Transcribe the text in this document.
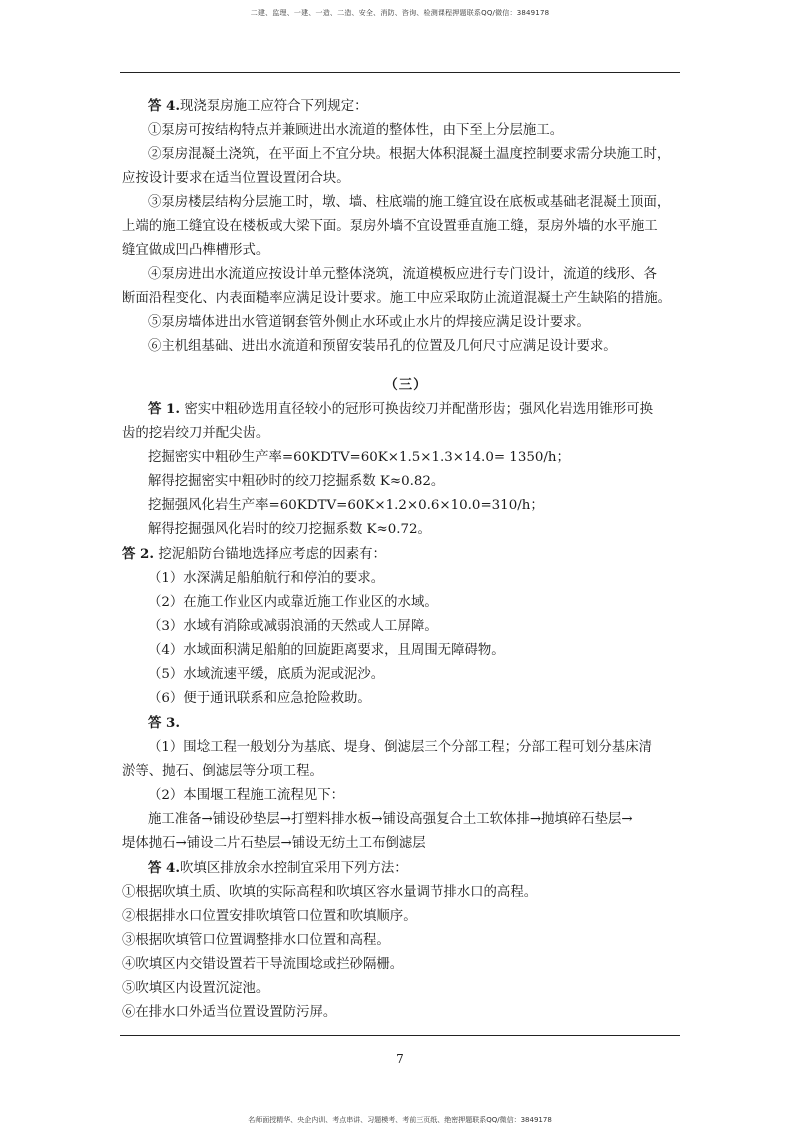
二建、监理、一建、一造、二造、安全、消防、咨询、检测课程押题联系QQ/微信：3849178
答 4.现浇泵房施工应符合下列规定：
①泵房可按结构特点并兼顾进出水流道的整体性，由下至上分层施工。
②泵房混凝土浇筑，在平面上不宜分块。根据大体积混凝土温度控制要求需分块施工时，
应按设计要求在适当位置设置闭合块。
③泵房楼层结构分层施工时，墩、墙、柱底端的施工缝宜设在底板或基础老混凝土顶面，
上端的施工缝宜设在楼板或大梁下面。泵房外墙不宜设置垂直施工缝，泵房外墙的水平施工
缝宜做成凹凸榫槽形式。
④泵房进出水流道应按设计单元整体浇筑，流道模板应进行专门设计，流道的线形、各
断面沿程变化、内表面糙率应满足设计要求。施工中应采取防止流道混凝土产生缺陷的措施。
⑤泵房墙体进出水管道钢套管外侧止水环或止水片的焊接应满足设计要求。
⑥主机组基础、进出水流道和预留安装吊孔的位置及几何尺寸应满足设计要求。
（三）
答 1. 密实中粗砂选用直径较小的冠形可换齿绞刀并配凿形齿；强风化岩选用锥形可换
齿的挖岩绞刀并配尖齿。
挖掘密实中粗砂生产率=60KDTV=60K×1.5×1.3×14.0= 1350/h；
解得挖掘密实中粗砂时的绞刀挖掘系数 K≈0.82。
挖掘强风化岩生产率=60KDTV=60K×1.2×0.6×10.0=310/h；
解得挖掘强风化岩时的绞刀挖掘系数 K≈0.72。
答 2. 挖泥船防台锚地选择应考虑的因素有：
（1）水深满足船舶航行和停泊的要求。
（2）在施工作业区内或靠近施工作业区的水域。
（3）水域有消除或减弱浪涌的天然或人工屏障。
（4）水域面积满足船舶的回旋距离要求，且周围无障碍物。
（5）水域流速平缓，底质为泥或泥沙。
（6）便于通讯联系和应急抢险救助。
答 3.
（1）围埝工程一般划分为基底、堤身、倒滤层三个分部工程；分部工程可划分基床清
淤等、抛石、倒滤层等分项工程。
（2）本围堰工程施工流程见下：
施工准备→铺设砂垫层→打塑料排水板→铺设高强复合土工软体排→抛填碎石垫层→
堤体抛石→铺设二片石垫层→铺设无纺土工布倒滤层
答 4.吹填区排放余水控制宜采用下列方法：
①根据吹填土质、吹填的实际高程和吹填区容水量调节排水口的高程。
②根据排水口位置安排吹填管口位置和吹填顺序。
③根据吹填管口位置调整排水口位置和高程。
④吹填区内交错设置若干导流围埝或拦砂隔栅。
⑤吹填区内设置沉淀池。
⑥在排水口外适当位置设置防污屏。
7
名师面授精华、央企内训、考点串讲、习题模考、考前三页纸、绝密押题联系QQ/微信：3849178
